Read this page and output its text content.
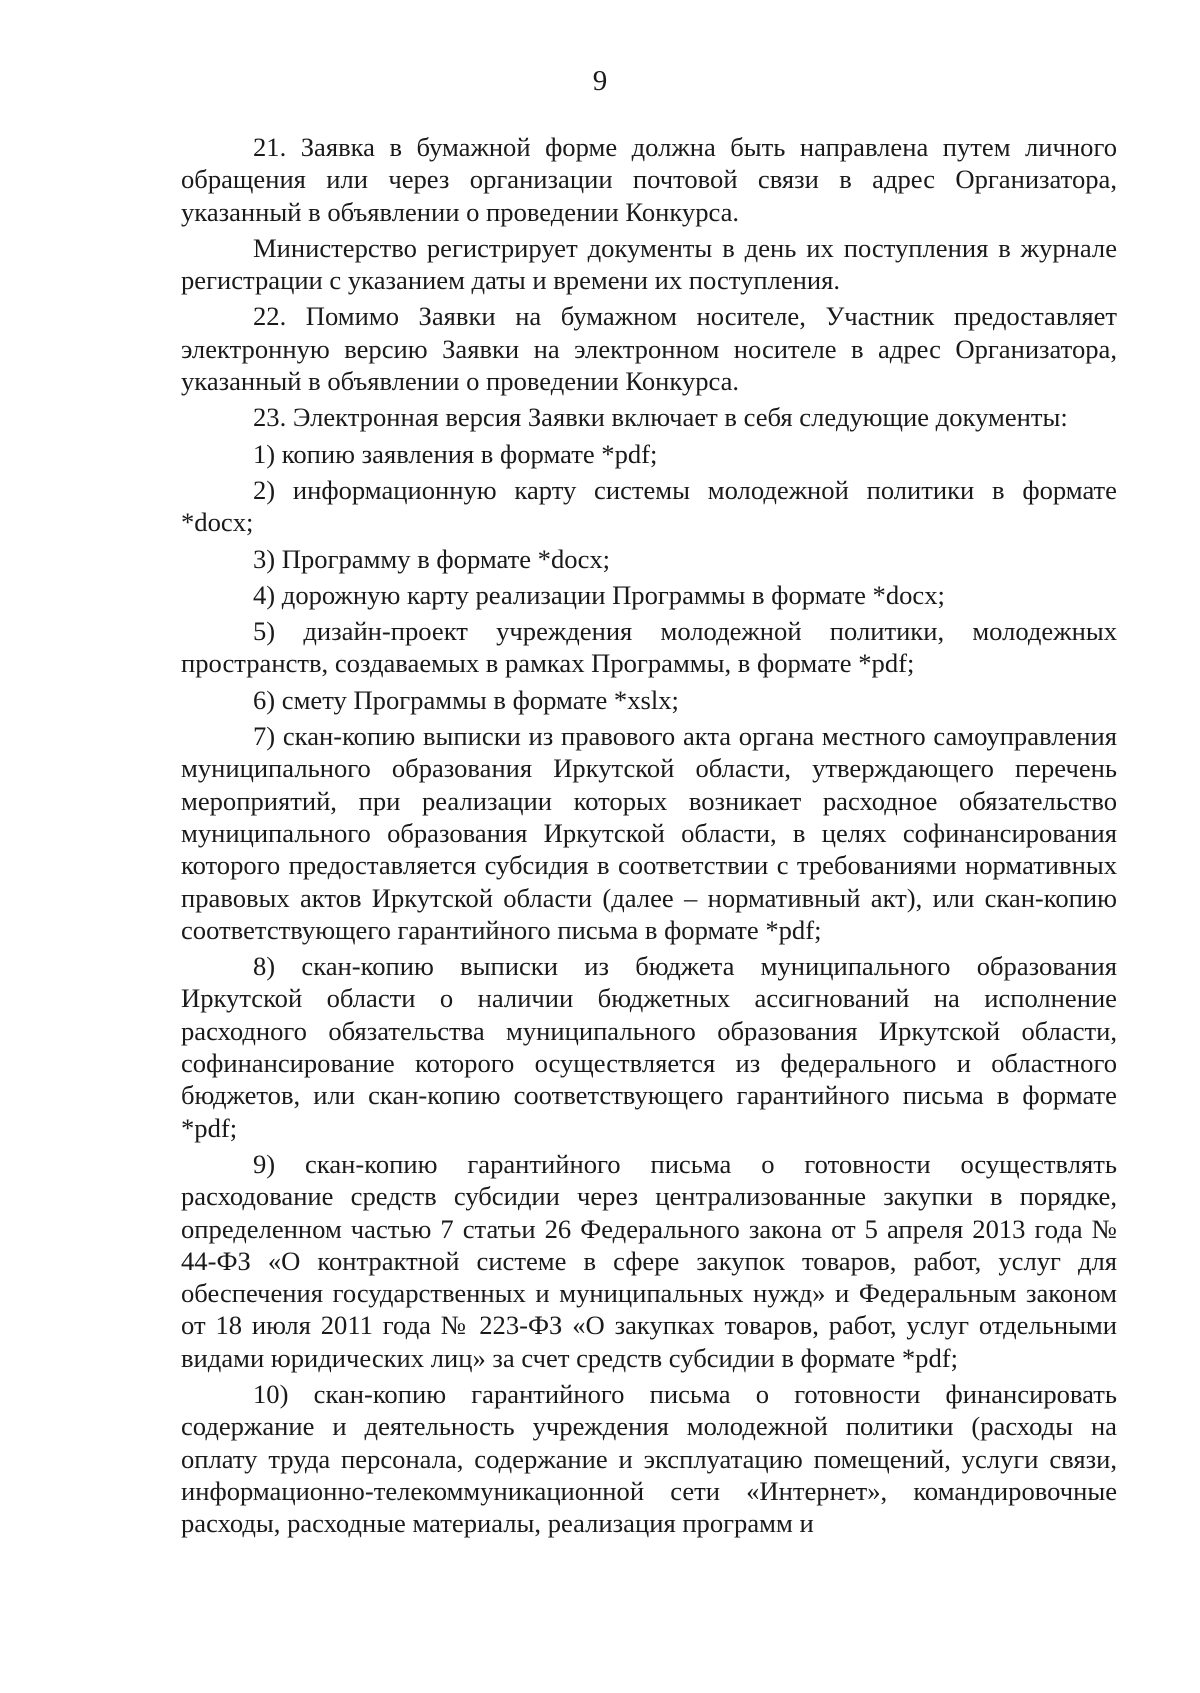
9

21. Заявка в бумажной форме должна быть направлена путем личного обращения или через организации почтовой связи в адрес Организатора, указанный в объявлении о проведении Конкурса.

Министерство регистрирует документы в день их поступления в журнале регистрации с указанием даты и времени их поступления.

22. Помимо Заявки на бумажном носителе, Участник предоставляет электронную версию Заявки на электронном носителе в адрес Организатора, указанный в объявлении о проведении Конкурса.

23. Электронная версия Заявки включает в себя следующие документы:

1) копию заявления в формате *pdf;

2) информационную карту системы молодежной политики в формате *docx;

3) Программу в формате *docx;

4) дорожную карту реализации Программы в формате *docx;

5) дизайн-проект учреждения молодежной политики, молодежных пространств, создаваемых в рамках Программы, в формате *pdf;

6) смету Программы в формате *xslx;

7) скан-копию выписки из правового акта органа местного самоуправления муниципального образования Иркутской области, утверждающего перечень мероприятий, при реализации которых возникает расходное обязательство муниципального образования Иркутской области, в целях софинансирования которого предоставляется субсидия в соответствии с требованиями нормативных правовых актов Иркутской области (далее – нормативный акт), или скан-копию соответствующего гарантийного письма в формате *pdf;

8) скан-копию выписки из бюджета муниципального образования Иркутской области о наличии бюджетных ассигнований на исполнение расходного обязательства муниципального образования Иркутской области, софинансирование которого осуществляется из федерального и областного бюджетов, или скан-копию соответствующего гарантийного письма в формате *pdf;

9) скан-копию гарантийного письма о готовности осуществлять расходование средств субсидии через централизованные закупки в порядке, определенном частью 7 статьи 26 Федерального закона от 5 апреля 2013 года № 44-ФЗ «О контрактной системе в сфере закупок товаров, работ, услуг для обеспечения государственных и муниципальных нужд» и Федеральным законом от 18 июля 2011 года № 223-ФЗ «О закупках товаров, работ, услуг отдельными видами юридических лиц» за счет средств субсидии в формате *pdf;

10) скан-копию гарантийного письма о готовности финансировать содержание и деятельность учреждения молодежной политики (расходы на оплату труда персонала, содержание и эксплуатацию помещений, услуги связи, информационно-телекоммуникационной сети «Интернет», командировочные расходы, расходные материалы, реализация программ и
